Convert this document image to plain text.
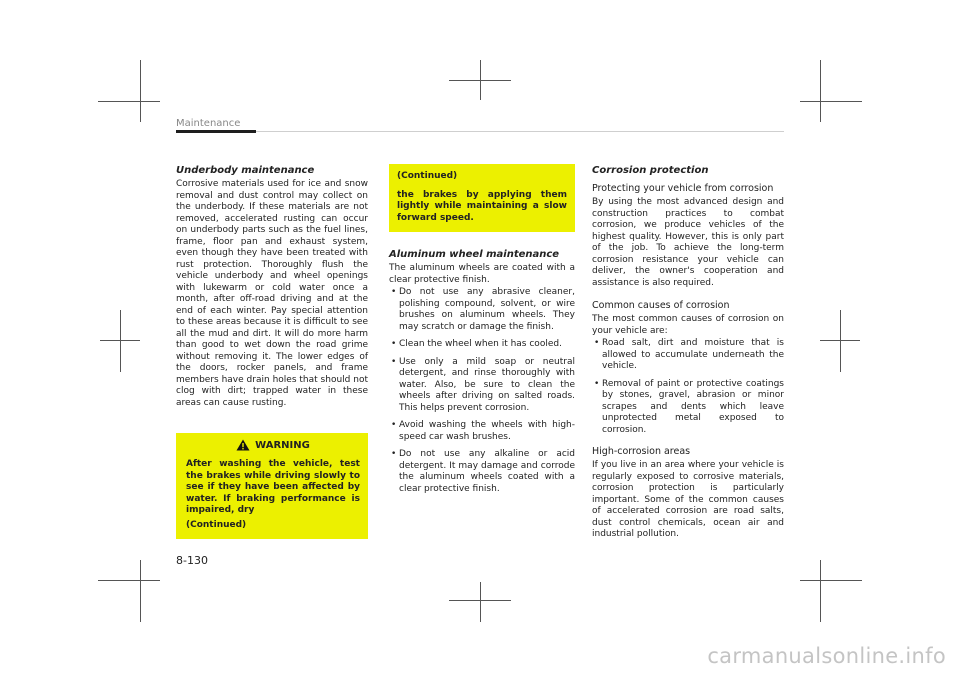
Maintenance
Underbody maintenance

Corrosive materials used for ice and snow removal and dust control may collect on the underbody. If these materials are not removed, accelerated rusting can occur on underbody parts such as the fuel lines, frame, floor pan and exhaust system, even though they have been treated with rust protection. Thoroughly flush the vehicle underbody and wheel openings with lukewarm or cold water once a month, after off-road driving and at the end of each winter. Pay special attention to these areas because it is difficult to see all the mud and dirt. It will do more harm than good to wet down the road grime without removing it. The lower edges of the doors, rocker panels, and frame members have drain holes that should not clog with dirt; trapped water in these areas can cause rusting.

WARNING
After washing the vehicle, test the brakes while driving slowly to see if they have been affected by water. If braking performance is impaired, dry
(Continued)
(Continued)
the brakes by applying them lightly while maintaining a slow forward speed.
Aluminum wheel maintenance

The aluminum wheels are coated with a clear protective finish.

• Do not use any abrasive cleaner, polishing compound, solvent, or wire brushes on aluminum wheels. They may scratch or damage the finish.
• Clean the wheel when it has cooled.
• Use only a mild soap or neutral detergent, and rinse thoroughly with water. Also, be sure to clean the wheels after driving on salted roads. This helps prevent corrosion.
• Avoid washing the wheels with high-speed car wash brushes.
• Do not use any alkaline or acid detergent. It may damage and corrode the aluminum wheels coated with a clear protective finish.
Corrosion protection
Protecting your vehicle from corrosion

By using the most advanced design and construction practices to combat corrosion, we produce vehicles of the highest quality. However, this is only part of the job. To achieve the long-term corrosion resistance your vehicle can deliver, the owner's cooperation and assistance is also required.

Common causes of corrosion

The most common causes of corrosion on your vehicle are:

• Road salt, dirt and moisture that is allowed to accumulate underneath the vehicle.
• Removal of paint or protective coatings by stones, gravel, abrasion or minor scrapes and dents which leave unprotected metal exposed to corrosion.
High-corrosion areas

If you live in an area where your vehicle is regularly exposed to corrosive materials, corrosion protection is particularly important. Some of the common causes of accelerated corrosion are road salts, dust control chemicals, ocean air and industrial pollution.

8-130
carmanualsonline.info
